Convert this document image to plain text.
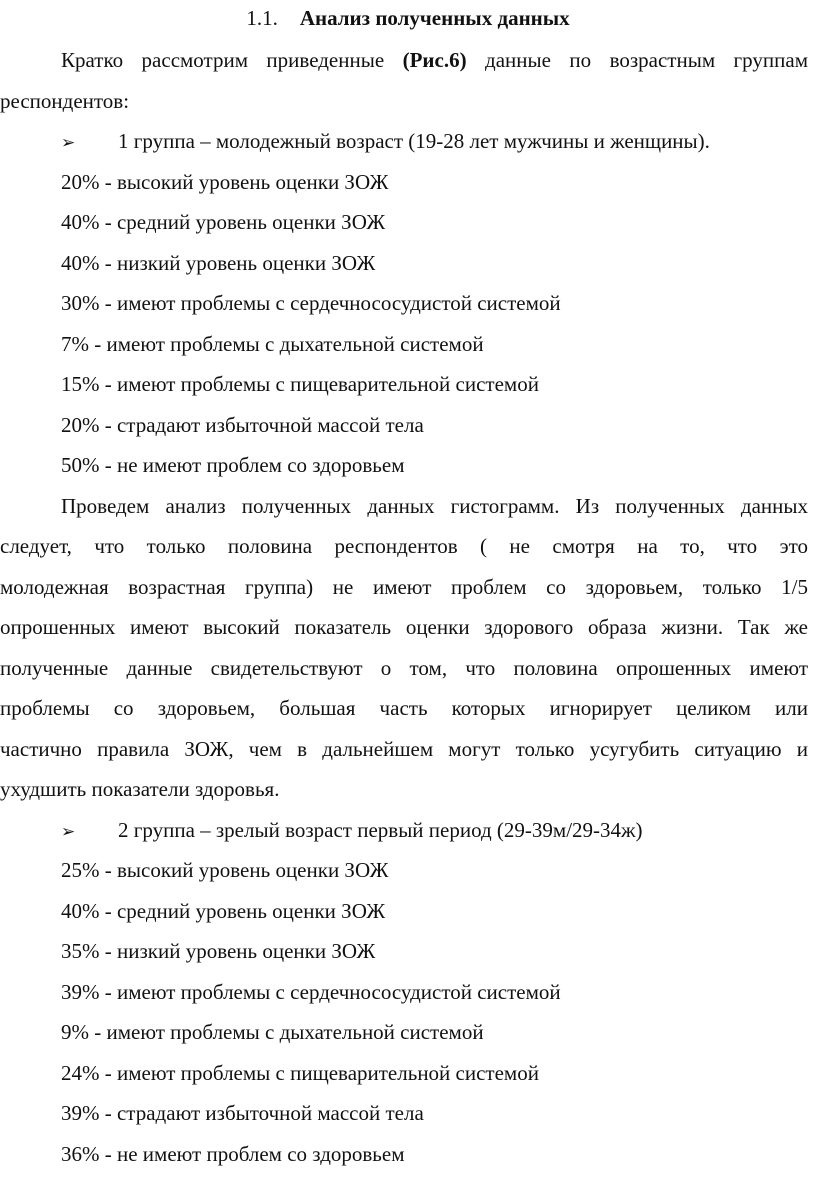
1.1. Анализ полученных данных
Кратко рассмотрим приведенные (Рис.6) данные по возрастным группам
респондентов:
➢ 1 группа – молодежный возраст (19-28 лет мужчины и женщины).
20% - высокий уровень оценки ЗОЖ
40% - средний уровень оценки ЗОЖ
40% - низкий уровень оценки ЗОЖ
30% - имеют проблемы с сердечнососудистой системой
7% - имеют проблемы с дыхательной системой
15% - имеют проблемы с пищеварительной системой
20% - страдают избыточной массой тела
50% - не имеют проблем со здоровьем
Проведем анализ полученных данных гистограмм. Из полученных данных
следует, что только половина респондентов ( не смотря на то, что это
молодежная возрастная группа) не имеют проблем со здоровьем, только 1/5
опрошенных имеют высокий показатель оценки здорового образа жизни. Так же
полученные данные свидетельствуют о том, что половина опрошенных имеют
проблемы со здоровьем, большая часть которых игнорирует целиком или
частично правила ЗОЖ, чем в дальнейшем могут только усугубить ситуацию и
ухудшить показатели здоровья.
➢ 2 группа – зрелый возраст первый период (29-39м/29-34ж)
25% - высокий уровень оценки ЗОЖ
40% - средний уровень оценки ЗОЖ
35% - низкий уровень оценки ЗОЖ
39% - имеют проблемы с сердечнососудистой системой
9% - имеют проблемы с дыхательной системой
24% - имеют проблемы с пищеварительной системой
39% - страдают избыточной массой тела
36% - не имеют проблем со здоровьем
